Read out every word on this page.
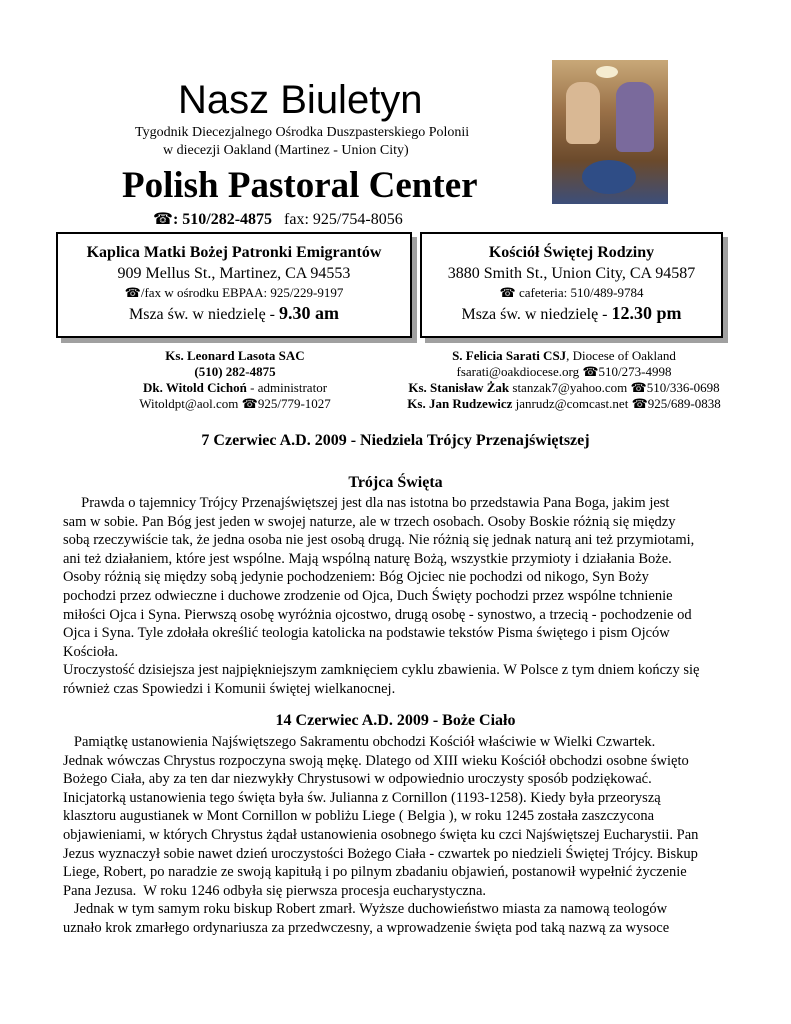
Nasz Biuletyn
Tygodnik Diecezjalnego Ośrodka Duszpasterskiego Polonii
w diecezji Oakland (Martinez - Union City)
Polish Pastoral Center
☎: 510/282-4875 fax: 925/754-8056
Kaplica Matki Bożej Patronki Emigrantów
909 Mellus St., Martinez, CA 94553
☎/fax w ośrodku EBPAA: 925/229-9197
Msza św. w niedzielę - 9.30 am
Kościół Świętej Rodziny
3880 Smith St., Union City, CA 94587
☎ cafeteria: 510/489-9784
Msza św. w niedzielę - 12.30 pm
Ks. Leonard Lasota SAC
(510) 282-4875
Dk. Witold Cichoń - administrator
Witoldpt@aol.com ☎925/779-1027
S. Felicia Sarati CSJ, Diocese of Oakland
fsarati@oakdiocese.org ☎510/273-4998
Ks. Stanisław Żak stanzak7@yahoo.com ☎510/336-0698
Ks. Jan Rudzewicz janrudz@comcast.net ☎925/689-0838
7 Czerwiec A.D. 2009 - Niedziela Trójcy Przenajświętszej
Trójca Święta
Prawda o tajemnicy Trójcy Przenajświętszej jest dla nas istotna bo przedstawia Pana Boga, jakim jest
sam w sobie. Pan Bóg jest jeden w swojej naturze, ale w trzech osobach. Osoby Boskie różnią się między
sobą rzeczywiście tak, że jedna osoba nie jest osobą drugą. Nie różnią się jednak naturą ani też przymiotami,
ani też działaniem, które jest wspólne. Mają wspólną naturę Bożą, wszystkie przymioty i działania Boże.
Osoby różnią się między sobą jedynie pochodzeniem: Bóg Ojciec nie pochodzi od nikogo, Syn Boży
pochodzi przez odwieczne i duchowe zrodzenie od Ojca, Duch Święty pochodzi przez wspólne tchnienie
miłości Ojca i Syna. Pierwszą osobę wyróżnia ojcostwo, drugą osobę - synostwo, a trzecią - pochodzenie od
Ojca i Syna. Tyle zdołała określić teologia katolicka na podstawie tekstów Pisma świętego i pism Ojców
Kościoła.
Uroczystość dzisiejsza jest najpiękniejszym zamknięciem cyklu zbawienia. W Polsce z tym dniem kończy się
również czas Spowiedzi i Komunii świętej wielkanocnej.
14 Czerwiec A.D. 2009 - Boże Ciało
Pamiątkę ustanowienia Najświętszego Sakramentu obchodzi Kościół właściwie w Wielki Czwartek.
Jednak wówczas Chrystus rozpoczyna swoją mękę. Dlatego od XIII wieku Kościół obchodzi osobne święto
Bożego Ciała, aby za ten dar niezwykły Chrystusowi w odpowiednio uroczysty sposób podziękować.
Inicjatorką ustanowienia tego święta była św. Julianna z Cornillon (1193-1258). Kiedy była przeoryszą
klasztoru augustianek w Mont Cornillon w pobliżu Liege ( Belgia ), w roku 1245 została zaszczycona
objawieniami, w których Chrystus żądał ustanowienia osobnego święta ku czci Najświętszej Eucharystii. Pan
Jezus wyznaczył sobie nawet dzień uroczystości Bożego Ciała - czwartek po niedzieli Świętej Trójcy. Biskup
Liege, Robert, po naradzie ze swoją kapitułą i po pilnym zbadaniu objawień, postanowił wypełnić życzenie
Pana Jezusa.  W roku 1246 odbyła się pierwsza procesja eucharystyczna.
Jednak w tym samym roku biskup Robert zmarł. Wyższe duchowieństwo miasta za namową teologów
uznało krok zmarłego ordynariusza za przedwczesny, a wprowadzenie święta pod taką nazwą za wysoce
